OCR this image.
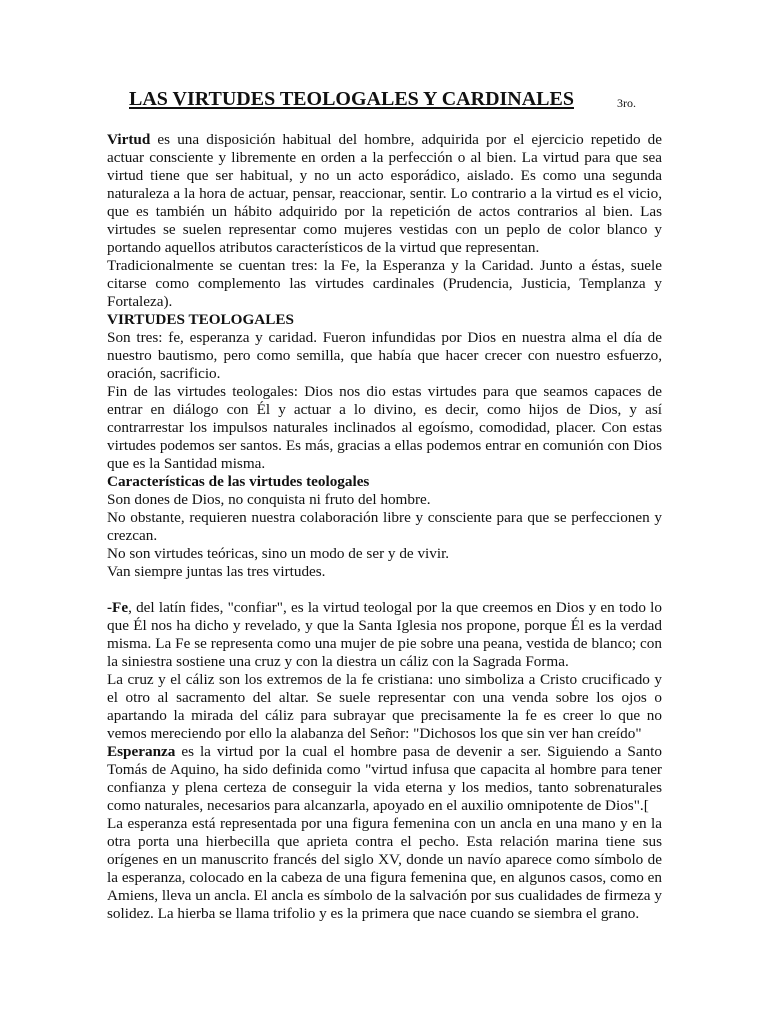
LAS VIRTUDES TEOLOGALES Y CARDINALES	3ro.

Virtud es una disposición habitual del hombre, adquirida por el ejercicio repetido de actuar consciente y libremente en orden a la perfección o al bien. La virtud para que sea virtud tiene que ser habitual, y no un acto esporádico, aislado. Es como una segunda naturaleza a la hora de actuar, pensar, reaccionar, sentir. Lo contrario a la virtud es el vicio, que es también un hábito adquirido por la repetición de actos contrarios al bien. Las virtudes se suelen representar como mujeres vestidas con un peplo de color blanco y portando aquellos atributos característicos de la virtud que representan.

Tradicionalmente se cuentan tres: la Fe, la Esperanza y la Caridad. Junto a éstas, suele citarse como complemento las virtudes cardinales (Prudencia, Justicia, Templanza y Fortaleza).

VIRTUDES TEOLOGALES

Son tres: fe, esperanza y caridad. Fueron infundidas por Dios en nuestra alma el día de nuestro bautismo, pero como semilla, que había que hacer crecer con nuestro esfuerzo, oración, sacrificio.

Fin de las virtudes teologales: Dios nos dio estas virtudes para que seamos capaces de entrar en diálogo con Él y actuar a lo divino, es decir, como hijos de Dios, y así contrarrestar los impulsos naturales inclinados al egoísmo, comodidad, placer. Con estas virtudes podemos ser santos. Es más, gracias a ellas podemos entrar en comunión con Dios que es la Santidad misma.

Características de las virtudes teologales

Son dones de Dios, no conquista ni fruto del hombre.

No obstante, requieren nuestra colaboración libre y consciente para que se perfeccionen y crezcan.

No son virtudes teóricas, sino un modo de ser y de vivir.

Van siempre juntas las tres virtudes.

-Fe, del latín fides, "confiar", es la virtud teologal por la que creemos en Dios y en todo lo que Él nos ha dicho y revelado, y que la Santa Iglesia nos propone, porque Él es la verdad misma. La Fe se representa como una mujer de pie sobre una peana, vestida de blanco; con la siniestra sostiene una cruz y con la diestra un cáliz con la Sagrada Forma.

La cruz y el cáliz son los extremos de la fe cristiana: uno simboliza a Cristo crucificado y el otro al sacramento del altar. Se suele representar con una venda sobre los ojos o apartando la mirada del cáliz para subrayar que precisamente la fe es creer lo que no vemos mereciendo por ello la alabanza del Señor: "Dichosos los que sin ver han creído"

Esperanza es la virtud por la cual el hombre pasa de devenir a ser. Siguiendo a Santo Tomás de Aquino, ha sido definida como "virtud infusa que capacita al hombre para tener confianza y plena certeza de conseguir la vida eterna y los medios, tanto sobrenaturales como naturales, necesarios para alcanzarla, apoyado en el auxilio omnipotente de Dios".[

La esperanza está representada por una figura femenina con un ancla en una mano y en la otra porta una hierbecilla que aprieta contra el pecho. Esta relación marina tiene sus orígenes en un manuscrito francés del siglo XV, donde un navío aparece como símbolo de la esperanza, colocado en la cabeza de una figura femenina que, en algunos casos, como en Amiens, lleva un ancla. El ancla es símbolo de la salvación por sus cualidades de firmeza y solidez. La hierba se llama trifolio y es la primera que nace cuando se siembra el grano.
